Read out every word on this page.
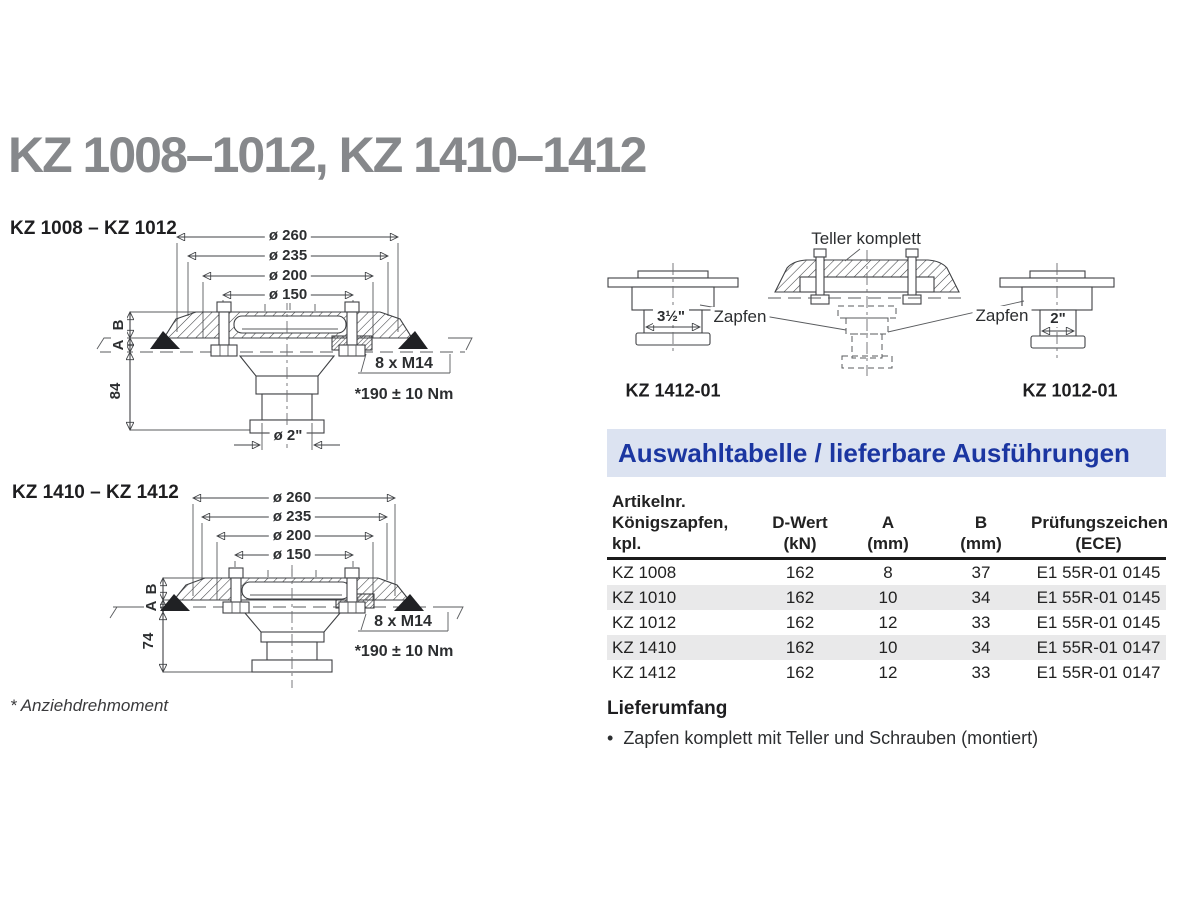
KZ 1008–1012, KZ 1410–1412
KZ 1008 – KZ 1012	ø 260
ø 235
ø 200
ø 150
B
A
84
8 x M14
*190 ± 10 Nm
ø 2"
KZ 1410 – KZ 1412	ø 260
ø 235
ø 200
ø 150
B
A
74
8 x M14
*190 ± 10 Nm
* Anziehdrehmoment
Teller komplett
Zapfen	Zapfen
3½"	2"
KZ 1412-01	KZ 1012-01
Auswahltabelle / lieferbare Ausführungen
Artikelnr.
Königszapfen, kpl.

D-Wert
(kN)

A
(mm)

B
(mm)

Prüfungszeichen
(ECE)

KZ 1008	162	8	37	E1 55R-01 0145
KZ 1010	162	10	34	E1 55R-01 0145
KZ 1012	162	12	33	E1 55R-01 0145
KZ 1410	162	10	34	E1 55R-01 0147
KZ 1412	162	12	33	E1 55R-01 0147
Lieferumfang
• Zapfen komplett mit Teller und Schrauben (montiert)
